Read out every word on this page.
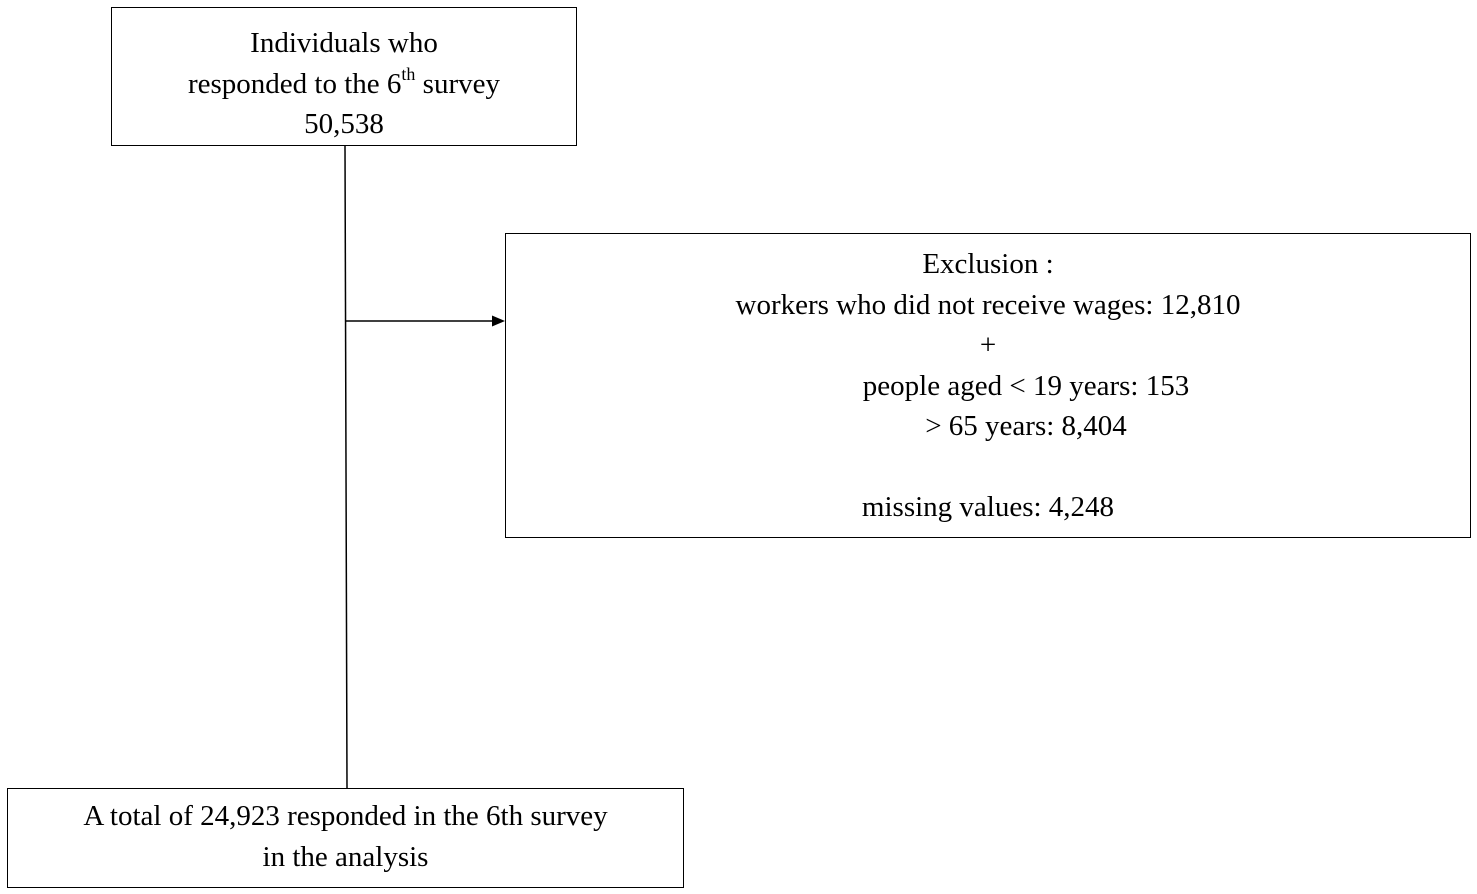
Individuals who
responded to the 6th survey
50,538
Exclusion :
workers who did not receive wages: 12,810
+
people aged < 19 years: 153
> 65 years: 8,404
missing values: 4,248
A total of 24,923 responded in the 6th survey
in the analysis
